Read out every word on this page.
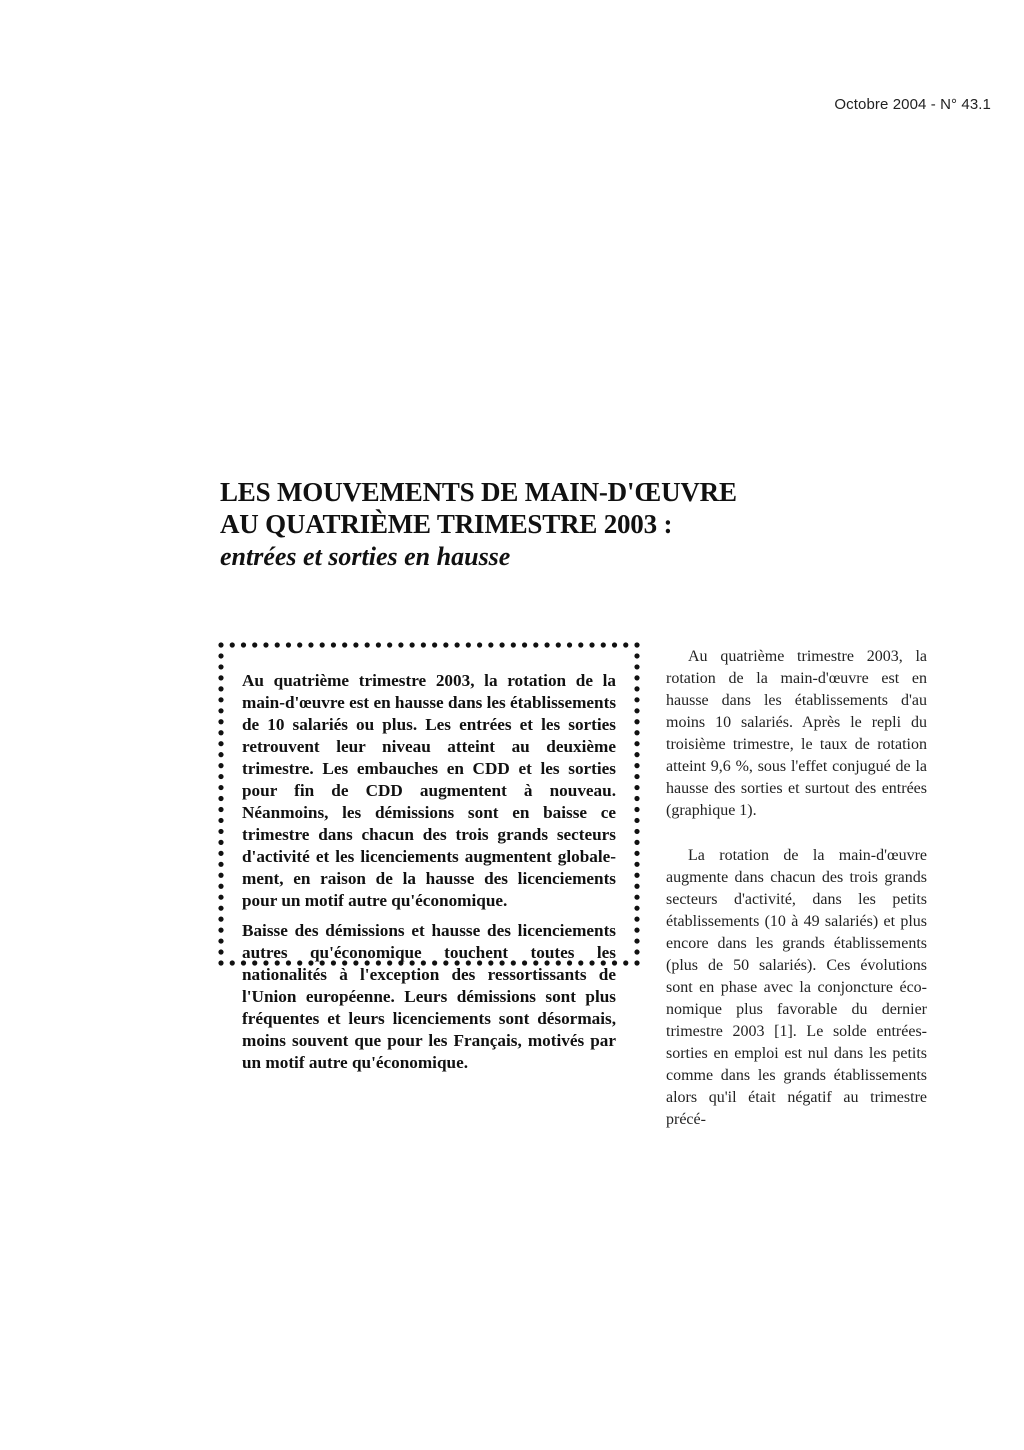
Octobre 2004 - N° 43.1
LES MOUVEMENTS DE MAIN-D'ŒUVRE
AU QUATRIÈME TRIMESTRE 2003 :
entrées et sorties en hausse

Au quatrième trimestre 2003, la rotation de la main-d'œuvre est en hausse dans les établissements de 10 salariés ou plus. Les entrées et les sorties retrouvent leur niveau atteint au deuxième trimestre. Les embauches en CDD et les sorties pour fin de CDD augmentent à nouveau. Néanmoins, les démissions sont en baisse ce trimestre dans chacun des trois grands secteurs d'activité et les licenciements augmentent globalement, en raison de la hausse des licenciements pour un motif autre qu'économique.

Baisse des démissions et hausse des licenciements autres qu'économique touchent toutes les nationalités à l'exception des ressortissants de l'Union européenne. Leurs démissions sont plus fréquentes et leurs licenciements sont désormais, moins souvent que pour les Français, motivés par un motif autre qu'économique.

Au quatrième trimestre 2003, la rotation de la main-d'œuvre est en hausse dans les établissements d'au moins 10 salariés. Après le repli du troisième trimestre, le taux de rotation atteint 9,6 %, sous l'effet conjugué de la hausse des sorties et surtout des entrées (graphique 1).

La rotation de la main-d'œuvre augmente dans chacun des trois grands secteurs d'activité, dans les petits établissements (10 à 49 salariés) et plus encore dans les grands établissements (plus de 50 salariés). Ces évolutions sont en phase avec la conjoncture économique plus favorable du dernier trimestre 2003 [1]. Le solde entrées-sorties en emploi est nul dans les petits comme dans les grands établissements alors qu'il était négatif au trimestre précé-
